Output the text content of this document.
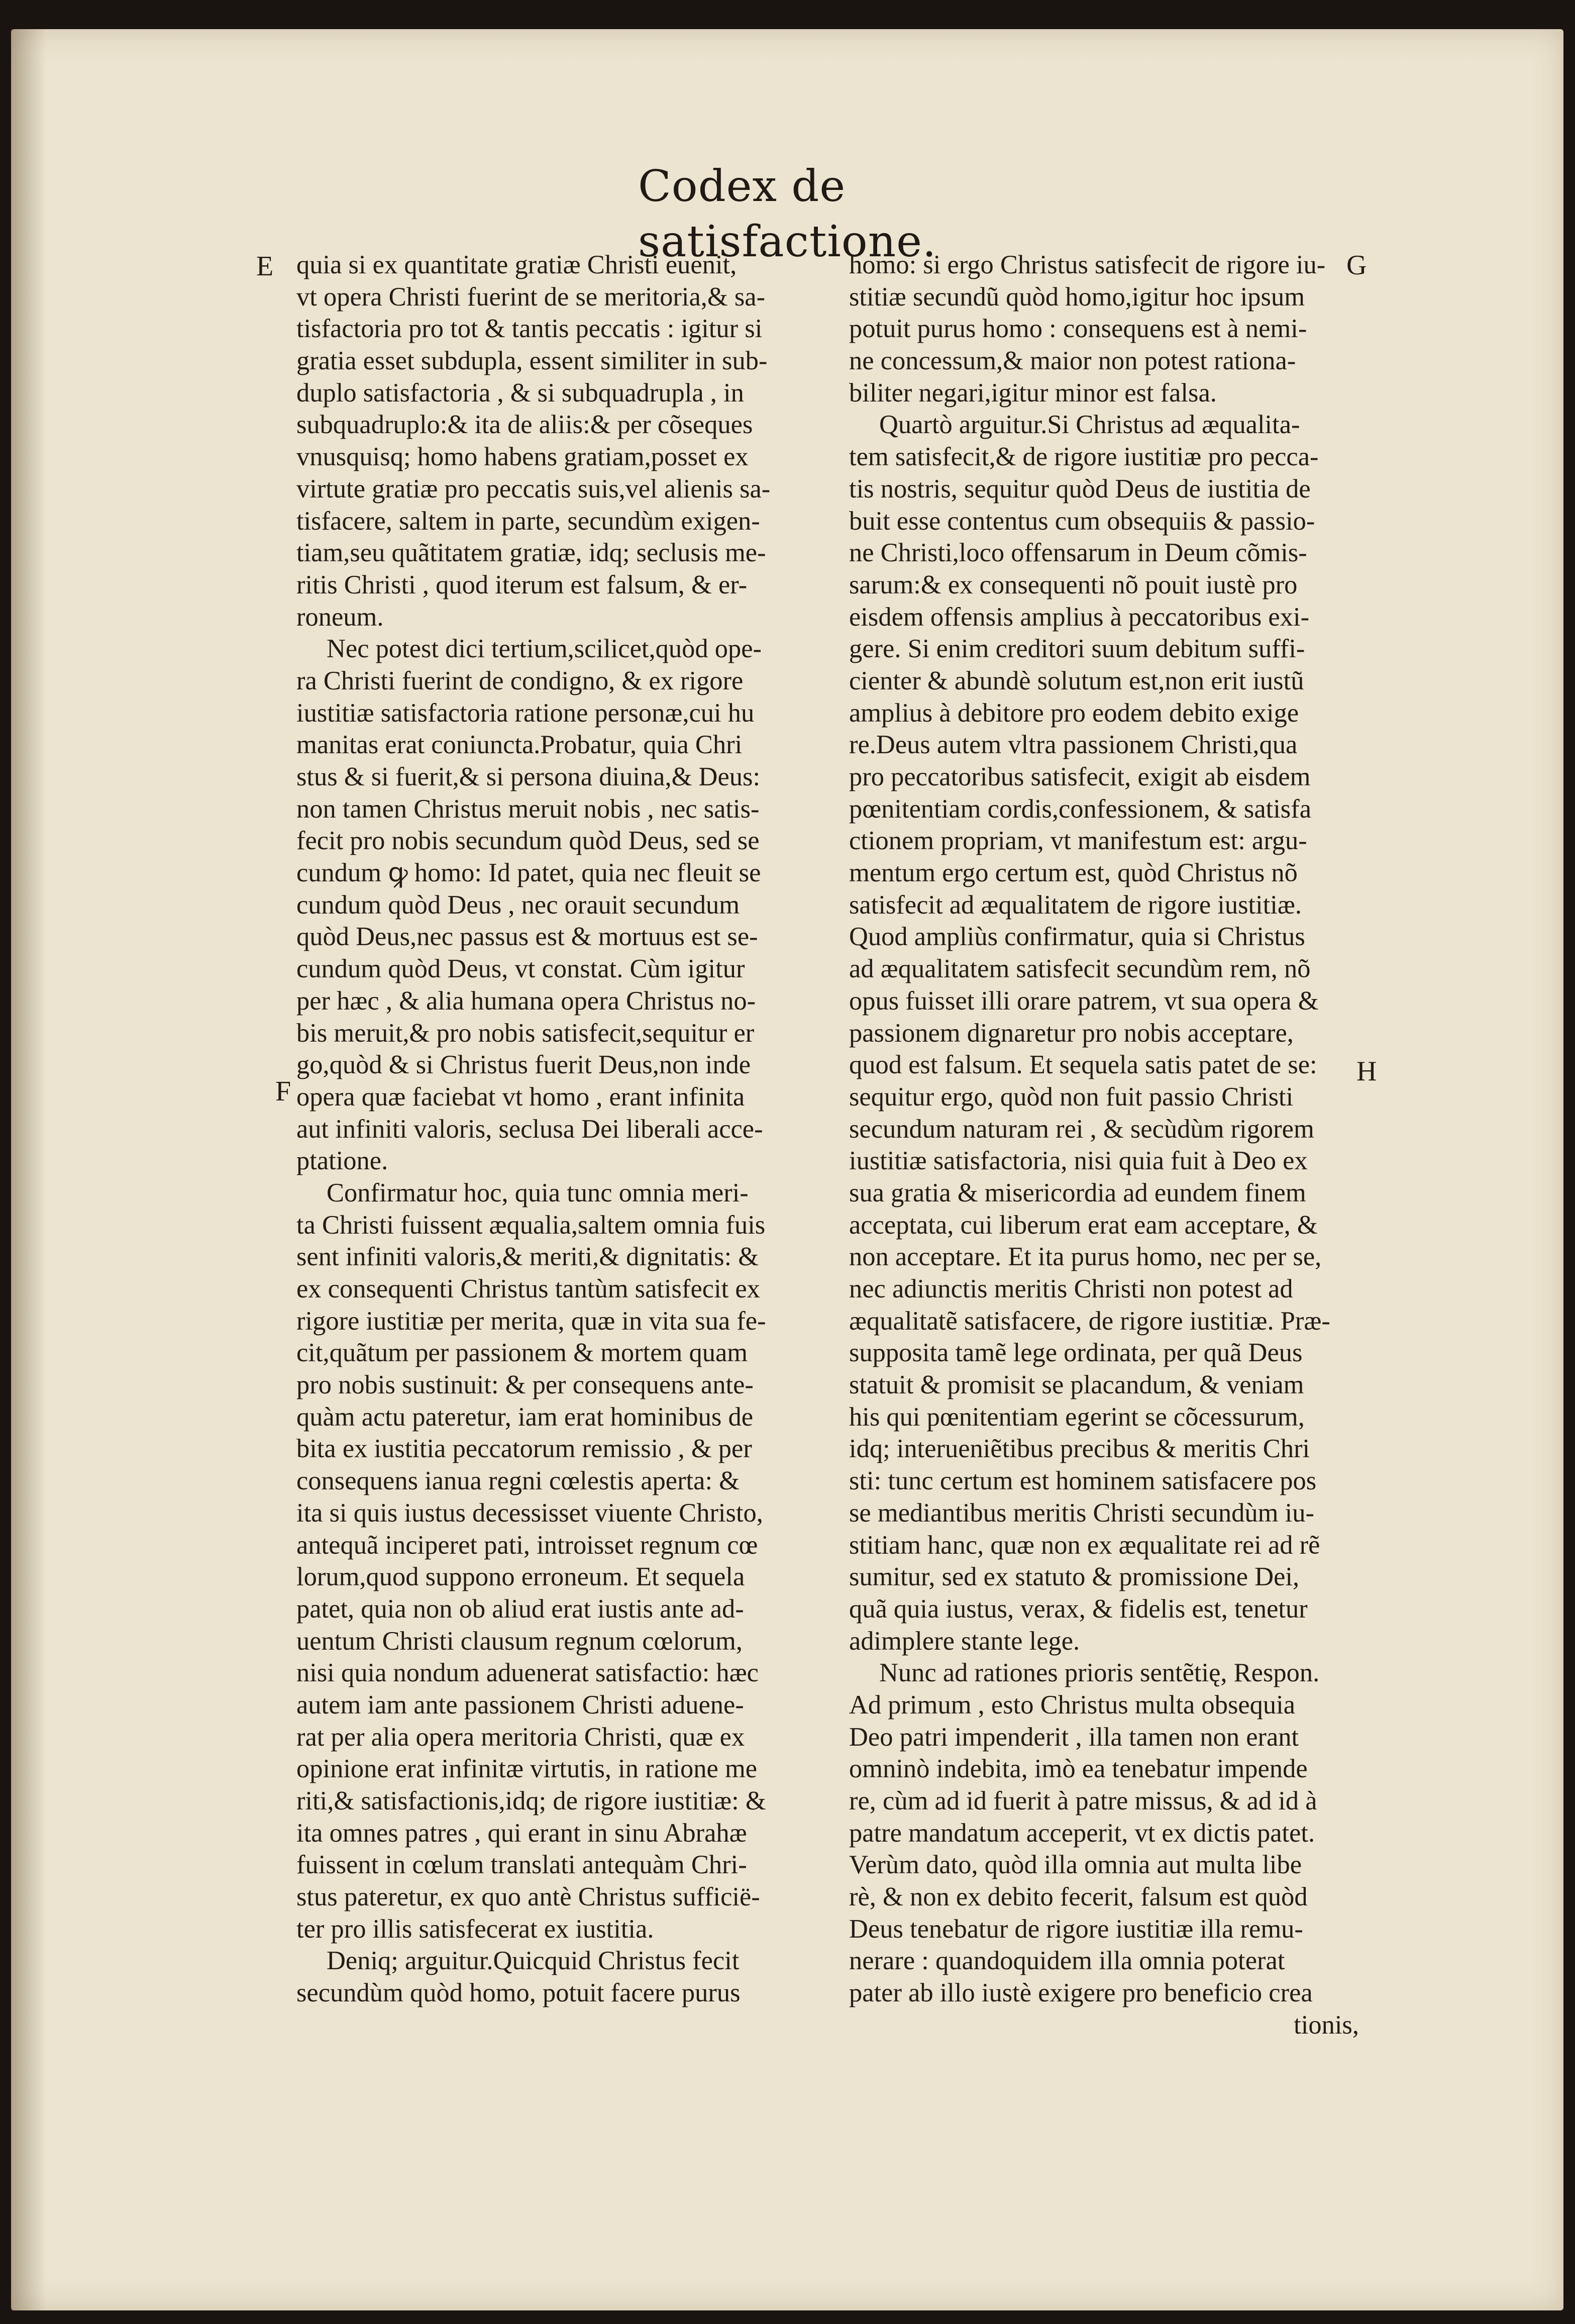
Codex de satisfactione.
E
F
G
H
quia si ex quantitate gratiæ Christi euenit,
vt opera Christi fuerint de se meritoria,& sa-
tisfactoria pro tot & tantis peccatis : igitur si
gratia esset subdupla, essent similiter in sub-
duplo satisfactoria , & si subquadrupla , in
subquadruplo:& ita de aliis:& per cõseques
vnusquisq; homo habens gratiam,posset ex
virtute gratiæ pro peccatis suis,vel alienis sa-
tisfacere, saltem in parte, secundùm exigen-
tiam,seu quãtitatem gratiæ, idq; seclusis me-
ritis Christi , quod iterum est falsum, & er-
roneum.
Nec potest dici tertium,scilicet,quòd ope-
ra Christi fuerint de condigno, & ex rigore
iustitiæ satisfactoria ratione personæ,cui hu
manitas erat coniuncta.Probatur, quia Chri
stus & si fuerit,& si persona diuina,& Deus:
non tamen Christus meruit nobis , nec satis-
fecit pro nobis secundum quòd Deus, sed se
cundum ꝙ homo: Id patet, quia nec fleuit se
cundum quòd Deus , nec orauit secundum
quòd Deus,nec passus est & mortuus est se-
cundum quòd Deus, vt constat. Cùm igitur
per hæc , & alia humana opera Christus no-
bis meruit,& pro nobis satisfecit,sequitur er
go,quòd & si Christus fuerit Deus,non inde
opera quæ faciebat vt homo , erant infinita
aut infiniti valoris, seclusa Dei liberali acce-
ptatione.
Confirmatur hoc, quia tunc omnia meri-
ta Christi fuissent æqualia,saltem omnia fuis
sent infiniti valoris,& meriti,& dignitatis: &
ex consequenti Christus tantùm satisfecit ex
rigore iustitiæ per merita, quæ in vita sua fe-
cit,quãtum per passionem & mortem quam
pro nobis sustinuit: & per consequens ante-
quàm actu pateretur, iam erat hominibus de
bita ex iustitia peccatorum remissio , & per
consequens ianua regni cœlestis aperta: &
ita si quis iustus decessisset viuente Christo,
antequã inciperet pati, introisset regnum cœ
lorum,quod suppono erroneum. Et sequela
patet, quia non ob aliud erat iustis ante ad-
uentum Christi clausum regnum cœlorum,
nisi quia nondum aduenerat satisfactio: hæc
autem iam ante passionem Christi aduene-
rat per alia opera meritoria Christi, quæ ex
opinione erat infinitæ virtutis, in ratione me
riti,& satisfactionis,idq; de rigore iustitiæ: &
ita omnes patres , qui erant in sinu Abrahæ
fuissent in cœlum translati antequàm Chri-
stus pateretur, ex quo antè Christus sufficië-
ter pro illis satisfecerat ex iustitia.
Deniq; arguitur.Quicquid Christus fecit
secundùm quòd homo, potuit facere purus
homo: si ergo Christus satisfecit de rigore iu-
stitiæ secundũ quòd homo,igitur hoc ipsum
potuit purus homo : consequens est à nemi-
ne concessum,& maior non potest rationa-
biliter negari,igitur minor est falsa.
Quartò arguitur.Si Christus ad æqualita-
tem satisfecit,& de rigore iustitiæ pro pecca-
tis nostris, sequitur quòd Deus de iustitia de
buit esse contentus cum obsequiis & passio-
ne Christi,loco offensarum in Deum cõmis-
sarum:& ex consequenti nõ pouit iustè pro
eisdem offensis amplius à peccatoribus exi-
gere. Si enim creditori suum debitum suffi-
cienter & abundè solutum est,non erit iustũ
amplius à debitore pro eodem debito exige
re.Deus autem vltra passionem Christi,qua
pro peccatoribus satisfecit, exigit ab eisdem
pœnitentiam cordis,confessionem, & satisfa
ctionem propriam, vt manifestum est: argu-
mentum ergo certum est, quòd Christus nõ
satisfecit ad æqualitatem de rigore iustitiæ.
Quod ampliùs confirmatur, quia si Christus
ad æqualitatem satisfecit secundùm rem, nõ
opus fuisset illi orare patrem, vt sua opera &
passionem dignaretur pro nobis acceptare,
quod est falsum. Et sequela satis patet de se:
sequitur ergo, quòd non fuit passio Christi
secundum naturam rei , & secùdùm rigorem
iustitiæ satisfactoria, nisi quia fuit à Deo ex
sua gratia & misericordia ad eundem finem
acceptata, cui liberum erat eam acceptare, &
non acceptare. Et ita purus homo, nec per se,
nec adiunctis meritis Christi non potest ad
æqualitatẽ satisfacere, de rigore iustitiæ. Præ-
supposita tamẽ lege ordinata, per quã Deus
statuit & promisit se placandum, & veniam
his qui pœnitentiam egerint se cõcessurum,
idq; interueniẽtibus precibus & meritis Chri
sti: tunc certum est hominem satisfacere pos
se mediantibus meritis Christi secundùm iu-
stitiam hanc, quæ non ex æqualitate rei ad rẽ
sumitur, sed ex statuto & promissione Dei,
quã quia iustus, verax, & fidelis est, tenetur
adimplere stante lege.
Nunc ad rationes prioris sentẽtię, Respon.
Ad primum , esto Christus multa obsequia
Deo patri impenderit , illa tamen non erant
omninò indebita, imò ea tenebatur impende
re, cùm ad id fuerit à patre missus, & ad id à
patre mandatum acceperit, vt ex dictis patet.
Verùm dato, quòd illa omnia aut multa libe
rè, & non ex debito fecerit, falsum est quòd
Deus tenebatur de rigore iustitiæ illa remu-
nerare : quandoquidem illa omnia poterat
pater ab illo iustè exigere pro beneficio crea
tionis,
